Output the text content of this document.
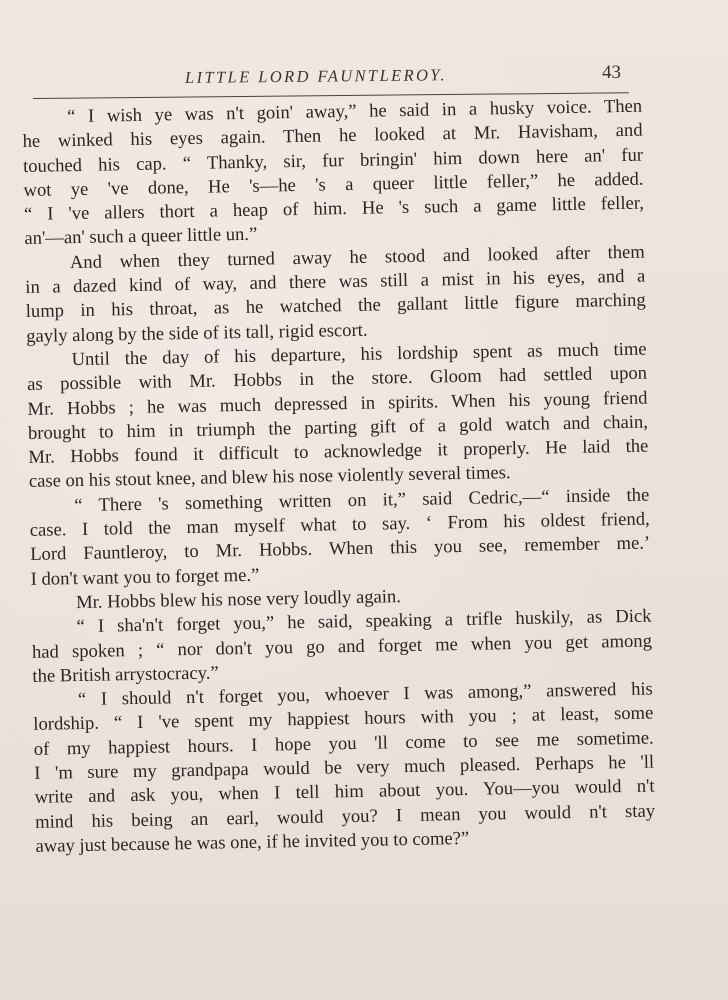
LITTLE LORD FAUNTLEROY.	43
“ I wish ye was n't goin' away,” he said in a husky voice. Then
he winked his eyes again. Then he looked at Mr. Havisham, and
touched his cap. “ Thanky, sir, fur bringin' him down here an' fur
wot ye 've done, He 's—he 's a queer little feller,” he added.
“ I 've allers thort a heap of him. He 's such a game little feller,
an'—an' such a queer little un.”
And when they turned away he stood and looked after them
in a dazed kind of way, and there was still a mist in his eyes, and a
lump in his throat, as he watched the gallant little figure marching
gayly along by the side of its tall, rigid escort.
Until the day of his departure, his lordship spent as much time
as possible with Mr. Hobbs in the store. Gloom had settled upon
Mr. Hobbs ; he was much depressed in spirits. When his young friend
brought to him in triumph the parting gift of a gold watch and chain,
Mr. Hobbs found it difficult to acknowledge it properly. He laid the
case on his stout knee, and blew his nose violently several times.
“ There 's something written on it,” said Cedric,—“ inside the
case. I told the man myself what to say. ‘ From his oldest friend,
Lord Fauntleroy, to Mr. Hobbs. When this you see, remember me.’
I don't want you to forget me.”
Mr. Hobbs blew his nose very loudly again.
“ I sha'n't forget you,” he said, speaking a trifle huskily, as Dick
had spoken ; “ nor don't you go and forget me when you get among
the British arrystocracy.”
“ I should n't forget you, whoever I was among,” answered his
lordship. “ I 've spent my happiest hours with you ; at least, some
of my happiest hours. I hope you 'll come to see me sometime.
I 'm sure my grandpapa would be very much pleased. Perhaps he 'll
write and ask you, when I tell him about you. You—you would n't
mind his being an earl, would you? I mean you would n't stay
away just because he was one, if he invited you to come?”
